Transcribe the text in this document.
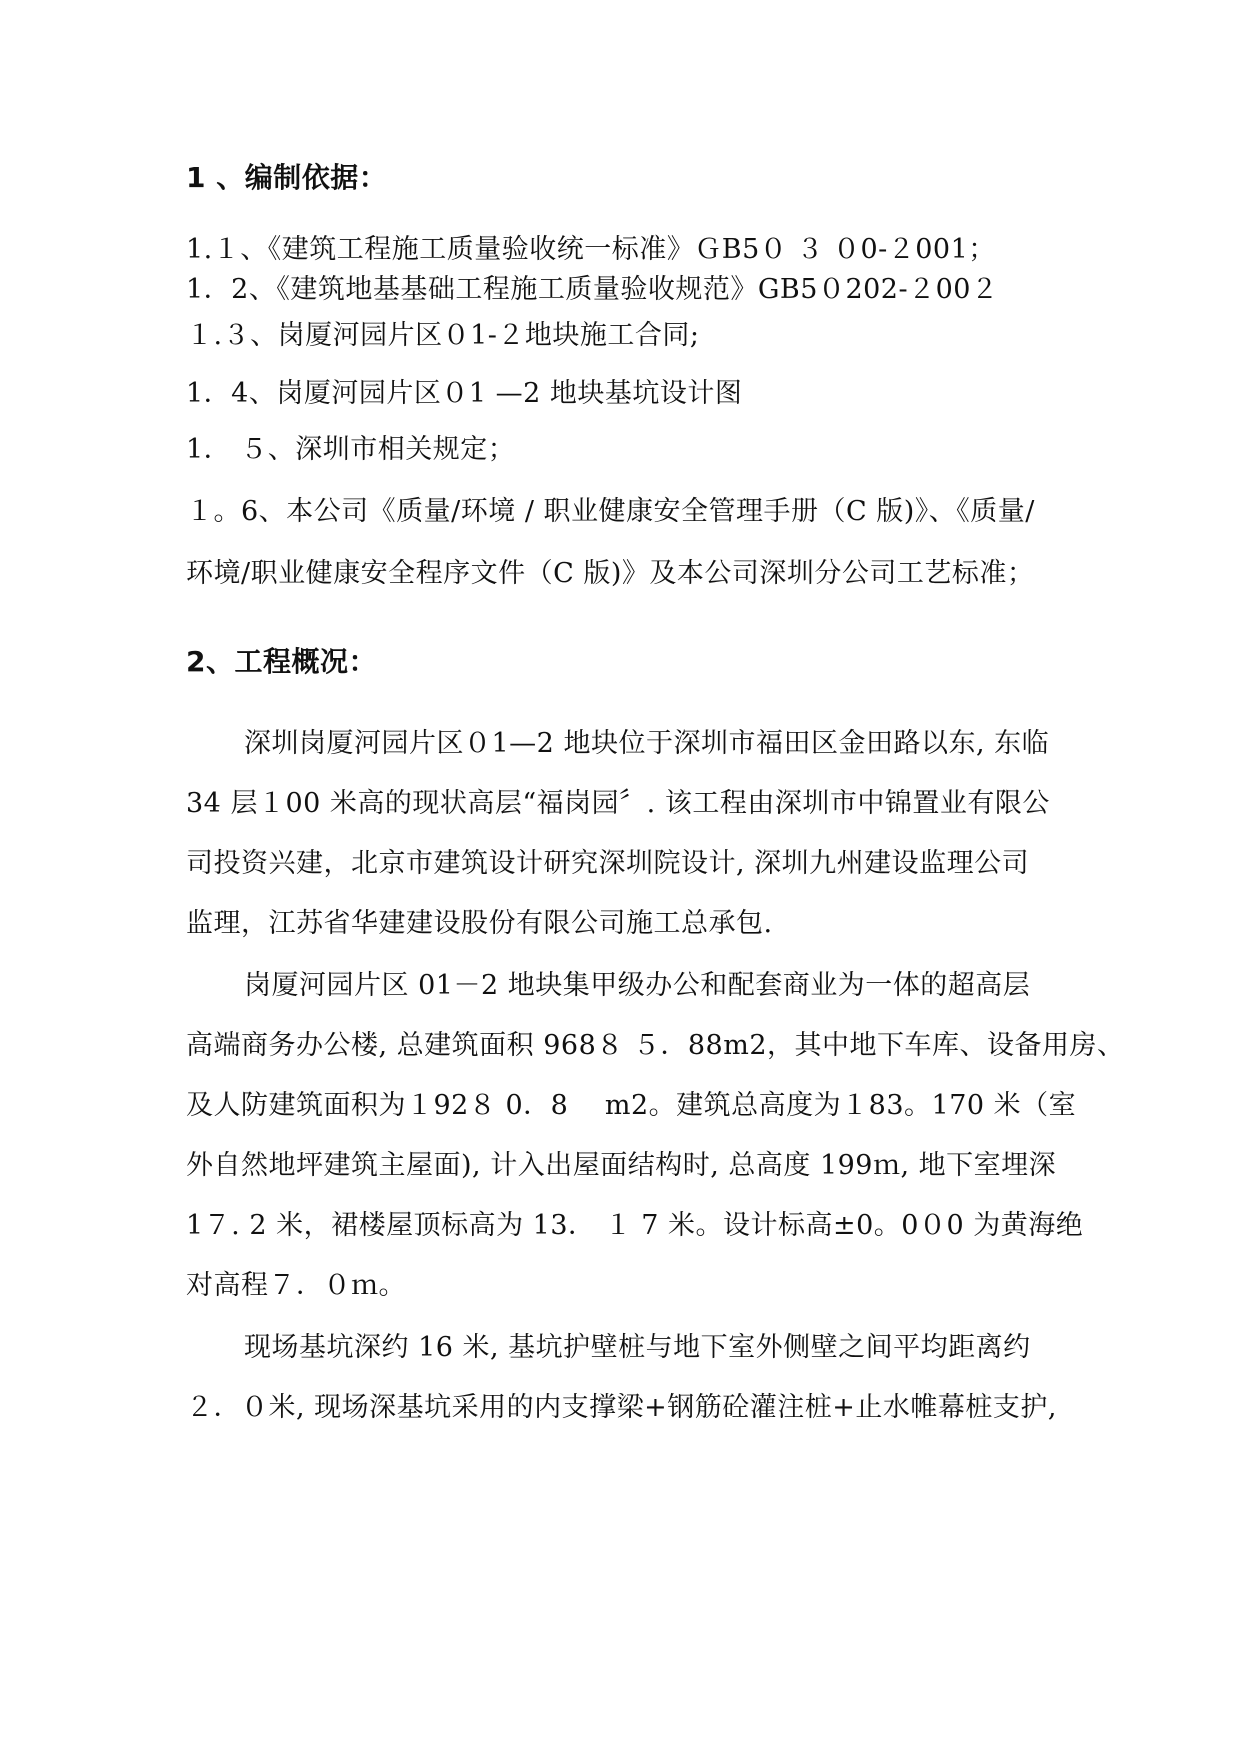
1 、编制依据：
1.１、《建筑工程施工质量验收统一标准》ＧB5０ ３ ０0-２001；
1．2、《建筑地基基础工程施工质量验收规范》GB5０202-２00２
１.３、岗厦河园片区０1-２地块施工合同;
1．4、岗厦河园片区０1 —2 地块基坑设计图
1． ５、深圳市相关规定；
１。6、本公司《质量/环境 / 职业健康安全管理手册（C 版)》、《质量/
环境/职业健康安全程序文件（C 版)》及本公司深圳分公司工艺标准；
2、工程概况：
深圳岗厦河园片区０1—2 地块位于深圳市福田区金田路以东, 东临
34 层１00 米高的现状高层“福岗园〞. 该工程由深圳市中锦置业有限公
司投资兴建，北京市建筑设计研究深圳院设计, 深圳九州建设监理公司
监理，江苏省华建建设股份有限公司施工总承包.
岗厦河园片区 01－2 地块集甲级办公和配套商业为一体的超高层
高端商务办公楼, 总建筑面积 968８ ５．88m2，其中地下车库、设备用房、
及人防建筑面积为１92８ 0．8 　m2。建筑总高度为１83。170 米（室
外自然地坪建筑主屋面), 计入出屋面结构时, 总高度 199ｍ, 地下室埋深
1７. 2 米，裙楼屋顶标高为 13． １ 7 米。设计标高±0。0０0 为黄海绝
对高程７．０ｍ。
现场基坑深约 16 米, 基坑护壁桩与地下室外侧壁之间平均距离约
２．０米, 现场深基坑采用的内支撑梁+钢筋砼灌注桩+止水帷幕桩支护,
